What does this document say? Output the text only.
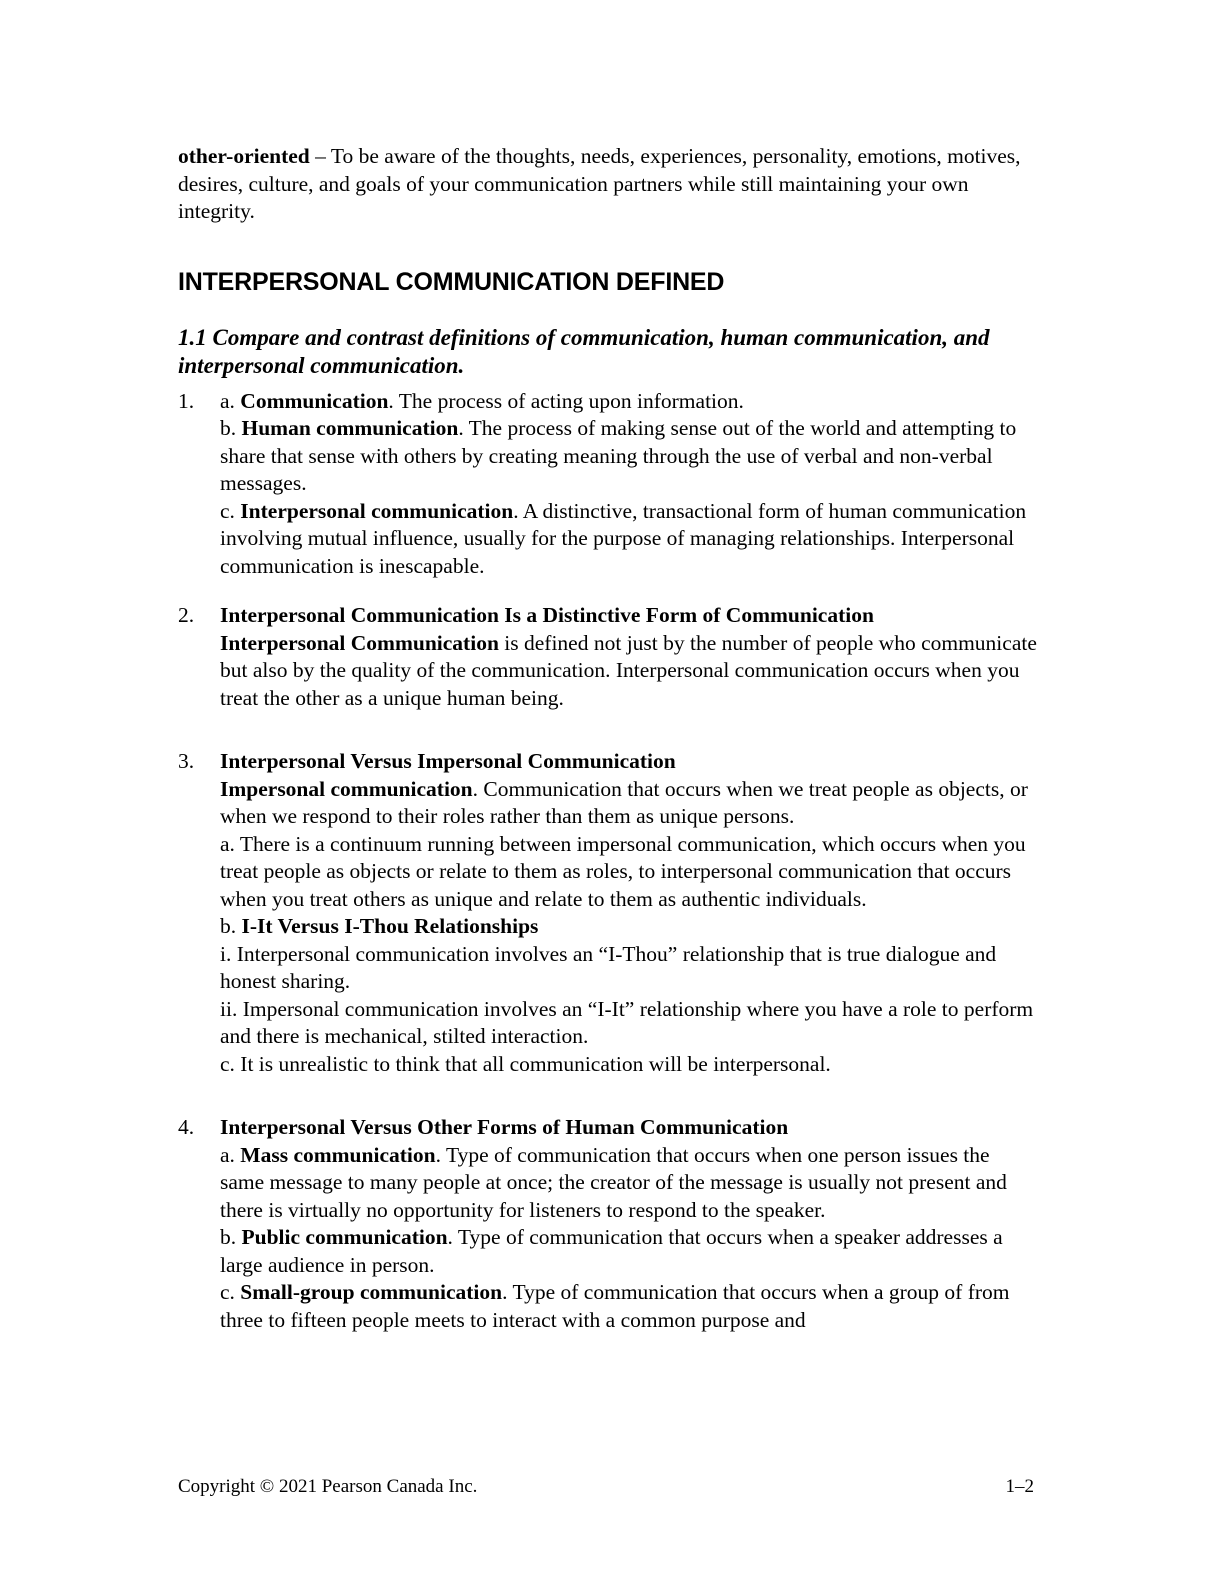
other-oriented – To be aware of the thoughts, needs, experiences, personality, emotions, motives, desires, culture, and goals of your communication partners while still maintaining your own integrity.

INTERPERSONAL COMMUNICATION DEFINED
1.1 Compare and contrast definitions of communication, human communication, and interpersonal communication.
1. a. Communication. The process of acting upon information.
b. Human communication. The process of making sense out of the world and attempting to share that sense with others by creating meaning through the use of verbal and non-verbal messages.
c. Interpersonal communication. A distinctive, transactional form of human communication involving mutual influence, usually for the purpose of managing relationships. Interpersonal communication is inescapable.
2. Interpersonal Communication Is a Distinctive Form of Communication
Interpersonal Communication is defined not just by the number of people who communicate but also by the quality of the communication. Interpersonal communication occurs when you treat the other as a unique human being.
3. Interpersonal Versus Impersonal Communication
Impersonal communication. Communication that occurs when we treat people as objects, or when we respond to their roles rather than them as unique persons.
a. There is a continuum running between impersonal communication, which occurs when you treat people as objects or relate to them as roles, to interpersonal communication that occurs when you treat others as unique and relate to them as authentic individuals.
b. I-It Versus I-Thou Relationships
i. Interpersonal communication involves an “I-Thou” relationship that is true dialogue and honest sharing.
ii. Impersonal communication involves an “I-It” relationship where you have a role to perform and there is mechanical, stilted interaction.
c. It is unrealistic to think that all communication will be interpersonal.
4. Interpersonal Versus Other Forms of Human Communication
a. Mass communication. Type of communication that occurs when one person issues the same message to many people at once; the creator of the message is usually not present and there is virtually no opportunity for listeners to respond to the speaker.
b. Public communication. Type of communication that occurs when a speaker addresses a large audience in person.
c. Small-group communication. Type of communication that occurs when a group of from three to fifteen people meets to interact with a common purpose and
Copyright © 2021 Pearson Canada Inc.	1–2
